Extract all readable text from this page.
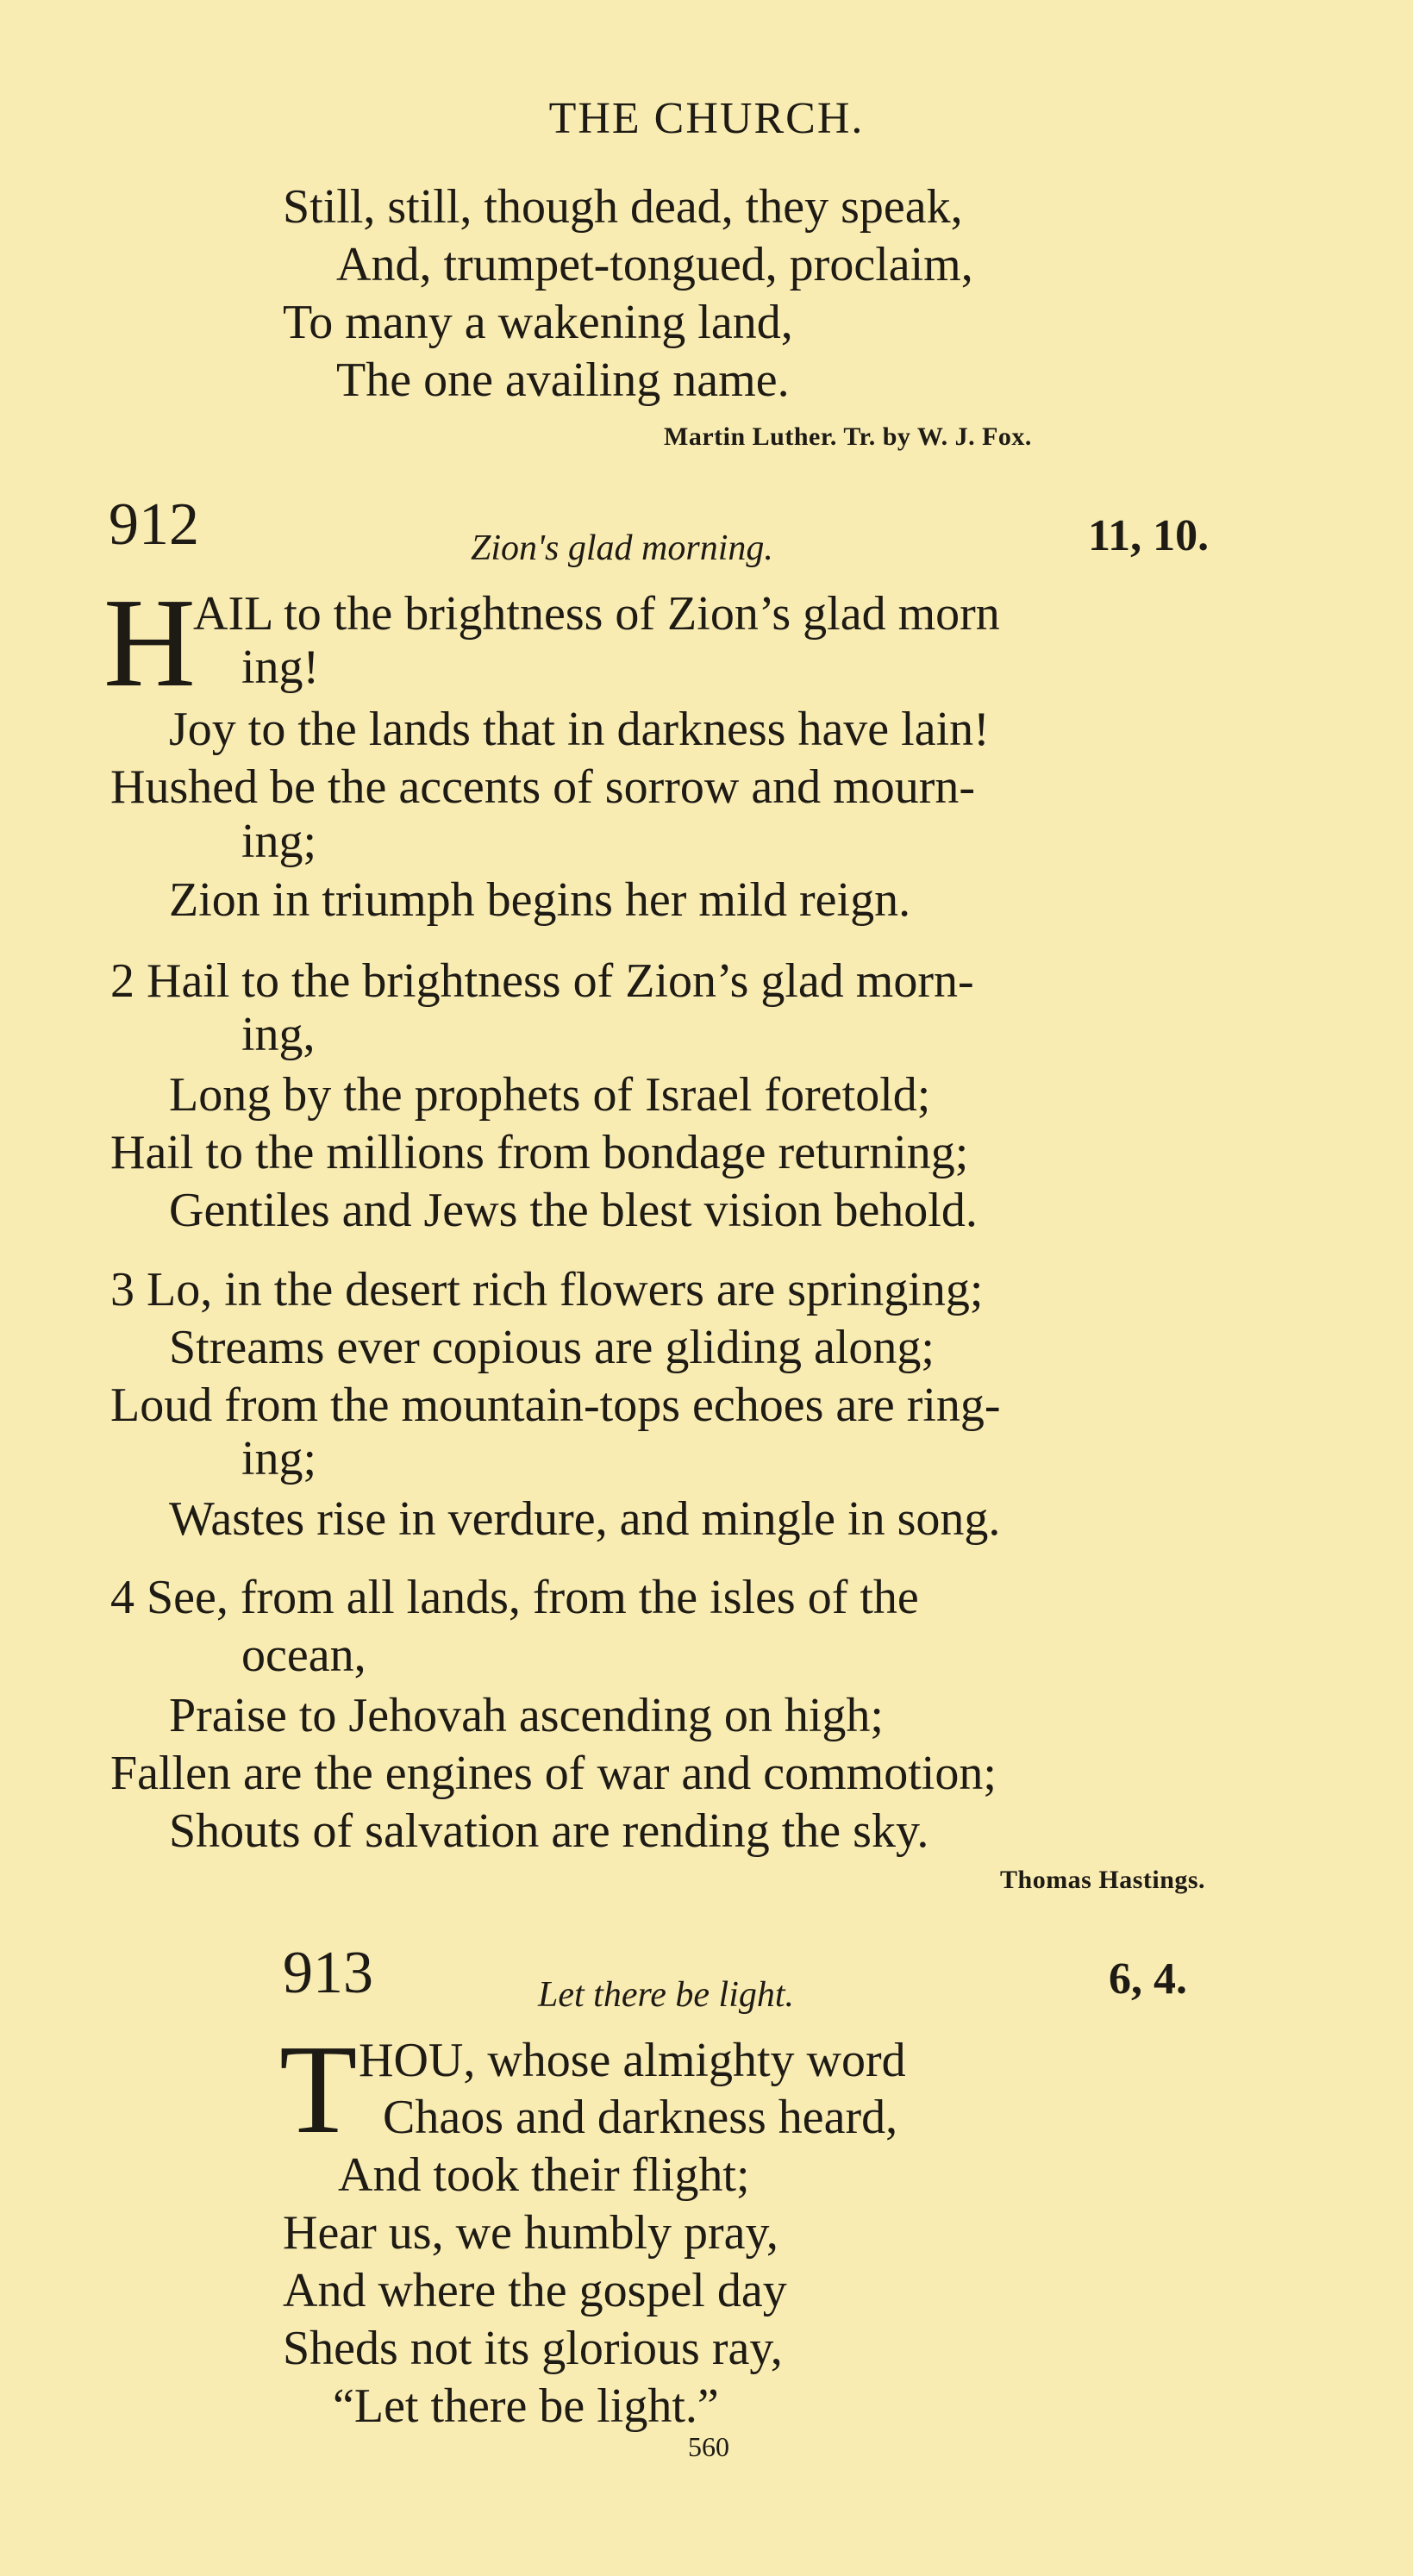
THE CHURCH.
Still, still, though dead, they speak,
And, trumpet-tongued, proclaim,
To many a wakening land,
The one availing name.
Martin Luther. Tr. by W. J. Fox.
912	Zion's glad morning.	11, 10.
H
AIL to the brightness of Zion’s glad morn
ing!
Joy to the lands that in darkness have lain!
Hushed be the accents of sorrow and mourn-
ing;
Zion in triumph begins her mild reign.
2 Hail to the brightness of Zion’s glad morn-
ing,
Long by the prophets of Israel foretold;
Hail to the millions from bondage returning;
Gentiles and Jews the blest vision behold.
3 Lo, in the desert rich flowers are springing;
Streams ever copious are gliding along;
Loud from the mountain-tops echoes are ring-
ing;
Wastes rise in verdure, and mingle in song.
4 See, from all lands, from the isles of the
ocean,
Praise to Jehovah ascending on high;
Fallen are the engines of war and commotion;
Shouts of salvation are rending the sky.
Thomas Hastings.
913	Let there be light.	6, 4.
T HOU, whose almighty word
Chaos and darkness heard,
And took their flight;
Hear us, we humbly pray,
And where the gospel day
Sheds not its glorious ray,
“Let there be light.”
560
